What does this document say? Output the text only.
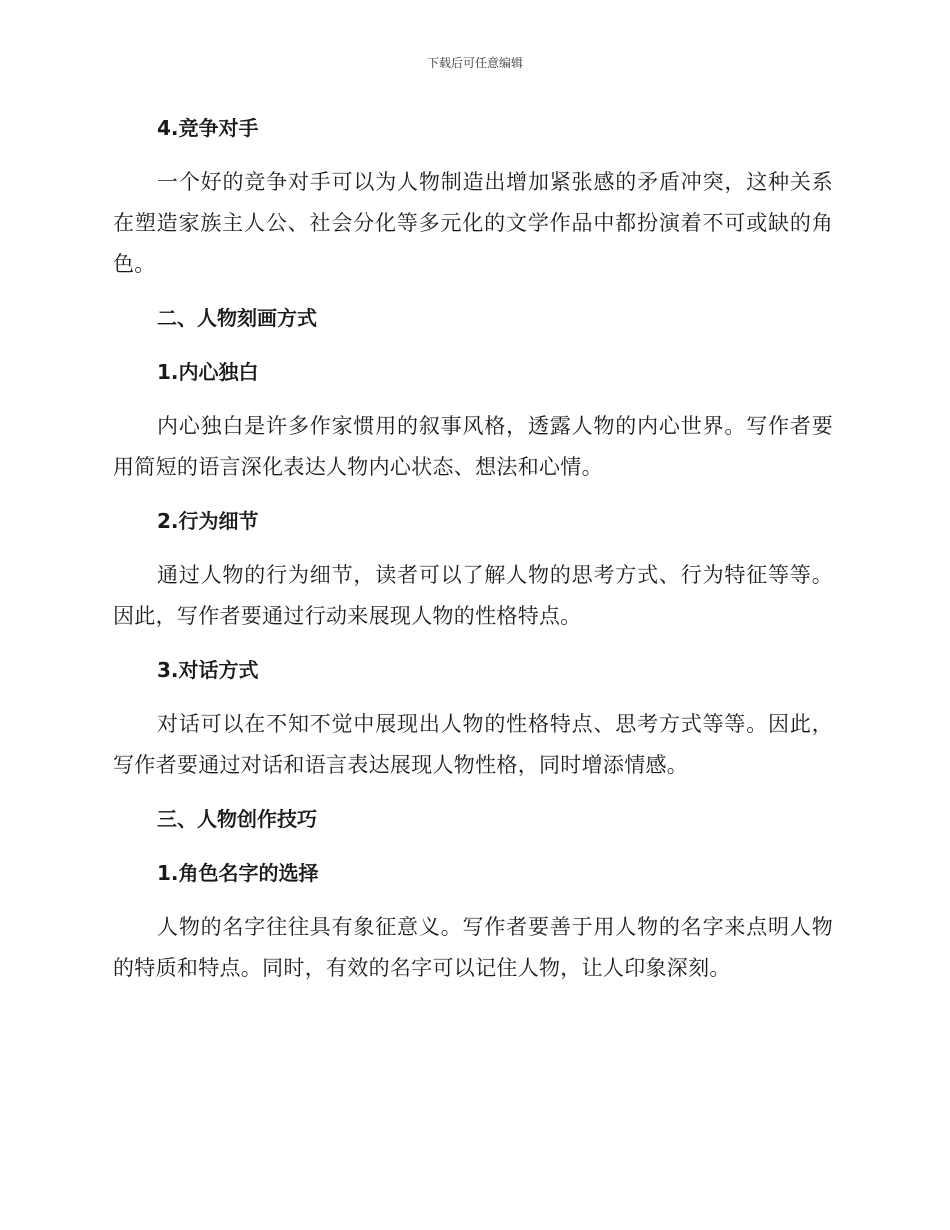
下载后可任意编辑
4.竞争对手
一个好的竞争对手可以为人物制造出增加紧张感的矛盾冲突，这种关系在塑造家族主人公、社会分化等多元化的文学作品中都扮演着不可或缺的角色。
二、人物刻画方式
1.内心独白
内心独白是许多作家惯用的叙事风格，透露人物的内心世界。写作者要用简短的语言深化表达人物内心状态、想法和心情。
2.行为细节
通过人物的行为细节，读者可以了解人物的思考方式、行为特征等等。因此，写作者要通过行动来展现人物的性格特点。
3.对话方式
对话可以在不知不觉中展现出人物的性格特点、思考方式等等。因此，写作者要通过对话和语言表达展现人物性格，同时增添情感。
三、人物创作技巧
1.角色名字的选择
人物的名字往往具有象征意义。写作者要善于用人物的名字来点明人物的特质和特点。同时，有效的名字可以记住人物，让人印象深刻。
